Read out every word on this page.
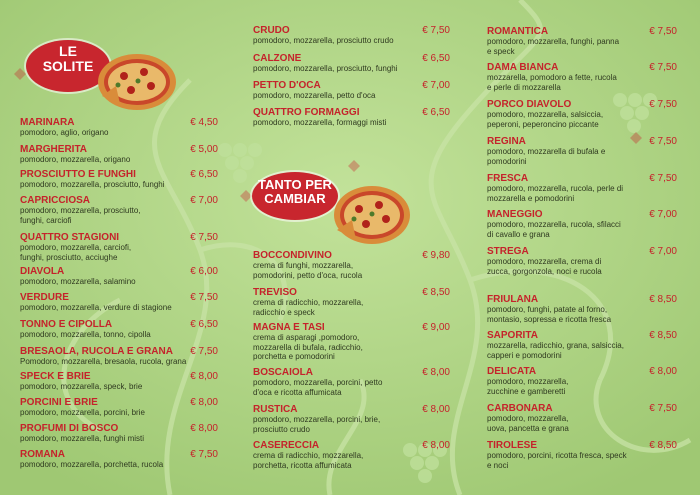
LE
SOLITE
TANTO PER
CAMBIAR
MARINARA
pomodoro, aglio, origano
€ 4,50
MARGHERITA
pomodoro, mozzarella, origano
€ 5,00
PROSCIUTTO E FUNGHI
pomodoro, mozzarella, prosciutto, funghi
€ 6,50
CAPRICCIOSA
pomodoro, mozzarella, prosciutto, funghi, carciofi
€ 7,00
QUATTRO STAGIONI
pomodoro, mozzarella, carciofi, funghi, prosciutto, acciughe
€ 7,50
DIAVOLA
pomodoro, mozzarella, salamino
€ 6,00
VERDURE
pomodoro, mozzarella, verdure di stagione
€ 7,50
TONNO E CIPOLLA
pomodoro, mozzarella, tonno, cipolla
€ 6,50
BRESAOLA, RUCOLA E GRANA
Pomodoro, mozzarella, bresaola, rucola, grana
€ 7,50
SPECK E BRIE
pomodoro, mozzarella, speck, brie
€ 8,00
PORCINI E BRIE
pomodoro, mozzarella, porcini, brie
€ 8,00
PROFUMI DI BOSCO
pomodoro, mozzarella, funghi misti
€ 8,00
ROMANA
pomodoro, mozzarella, porchetta, rucola
€ 7,50
CRUDO
pomodoro, mozzarella, prosciutto crudo
€ 7,50
CALZONE
pomodoro, mozzarella, prosciutto, funghi
€ 6,50
PETTO D'OCA
pomodoro, mozzarella, petto d'oca
€ 7,00
QUATTRO FORMAGGI
pomodoro, mozzarella, formaggi misti
€ 6,50
BOCCONDIVINO
crema di funghi, mozzarella, pomodorini, petto d'oca, rucola
€ 9,80
TREVISO
crema di radicchio, mozzarella, radicchio e speck
€ 8,50
MAGNA E TASI
crema di asparagi ,pomodoro, mozzarella di bufala, radicchio, porchetta e pomodorini
€ 9,00
BOSCAIOLA
pomodoro, mozzarella, porcini, petto d'oca e ricotta affumicata
€ 8,00
RUSTICA
pomodoro, mozzarella, porcini, brie, prosciutto crudo
€ 8,00
CASERECCIA
crema di radicchio, mozzarella, porchetta, ricotta affumicata
€ 8,00
ROMANTICA
pomodoro, mozzarella, funghi, panna e speck
€ 7,50
DAMA BIANCA
mozzarella, pomodoro a fette, rucola e perle di mozzarella
€ 7,50
PORCO DIAVOLO
pomodoro, mozzarella, salsiccia, peperoni, peperoncino piccante
€ 7,50
REGINA
pomodoro, mozzarella di bufala e pomodorini
€ 7,50
FRESCA
pomodoro, mozzarella, rucola, perle di mozzarella e pomodorini
€ 7,50
MANEGGIO
pomodoro, mozzarella, rucola, sfilacci di cavallo e grana
€ 7,00
STREGA
pomodoro, mozzarella, crema di zucca, gorgonzola, noci e rucola
€ 7,00
FRIULANA
pomodoro, funghi, patate al forno, montasio, sopressa e ricotta fresca
€ 8,50
SAPORITA
mozzarella, radicchio, grana, salsiccia, capperi e pomodorini
€ 8,50
DELICATA
pomodoro, mozzarella, zucchine e gamberetti
€ 8,00
CARBONARA
pomodoro, mozzarella, uova, pancetta e grana
€ 7,50
TIROLESE
pomodoro, porcini, ricotta fresca, speck e noci
€ 8,50
